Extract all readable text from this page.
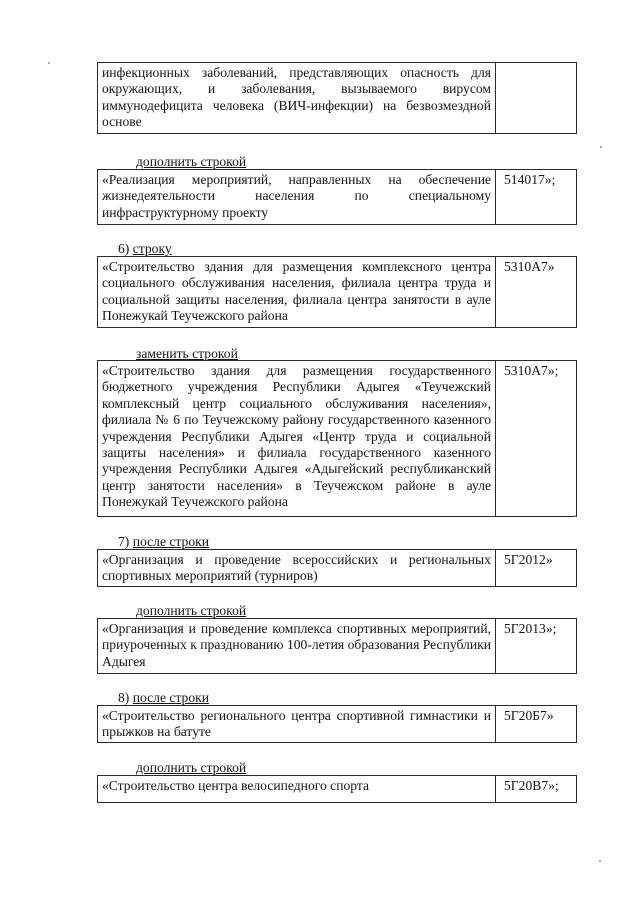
инфекционных заболеваний, представляющих опасность для окружающих, и заболевания, вызываемого вирусом иммунодефицита человека (ВИЧ-инфекции) на безвозмездной основе
дополнить строкой
«Реализация мероприятий, направленных на обеспечение жизнедеятельности населения по специальному инфраструктурному проекту
514017»;
6) строку
«Строительство здания для размещения комплексного центра социального обслуживания населения, филиала центра труда и социальной защиты населения, филиала центра занятости в ауле Понежукай Теучежского района
5310А7»
заменить строкой
«Строительство здания для размещения государственного бюджетного учреждения Республики Адыгея «Теучежский комплексный центр социального обслуживания населения», филиала № 6 по Теучежскому району государственного казенного учреждения Республики Адыгея «Центр труда и социальной защиты населения» и филиала государственного казенного учреждения Республики Адыгея «Адыгейский республиканский центр занятости населения» в Теучежском районе в ауле Понежукай Теучежского района
5310А7»;
7) после строки
«Организация и проведение всероссийских и региональных спортивных мероприятий (турниров)
5Г2012»
дополнить строкой
«Организация и проведение комплекса спортивных мероприятий, приуроченных к празднованию 100-летия образования Республики Адыгея
5Г2013»;
8) после строки
«Строительство регионального центра спортивной гимнастики и прыжков на батуте
5Г20Б7»
дополнить строкой
«Строительство центра велосипедного спорта	5Г20В7»;
